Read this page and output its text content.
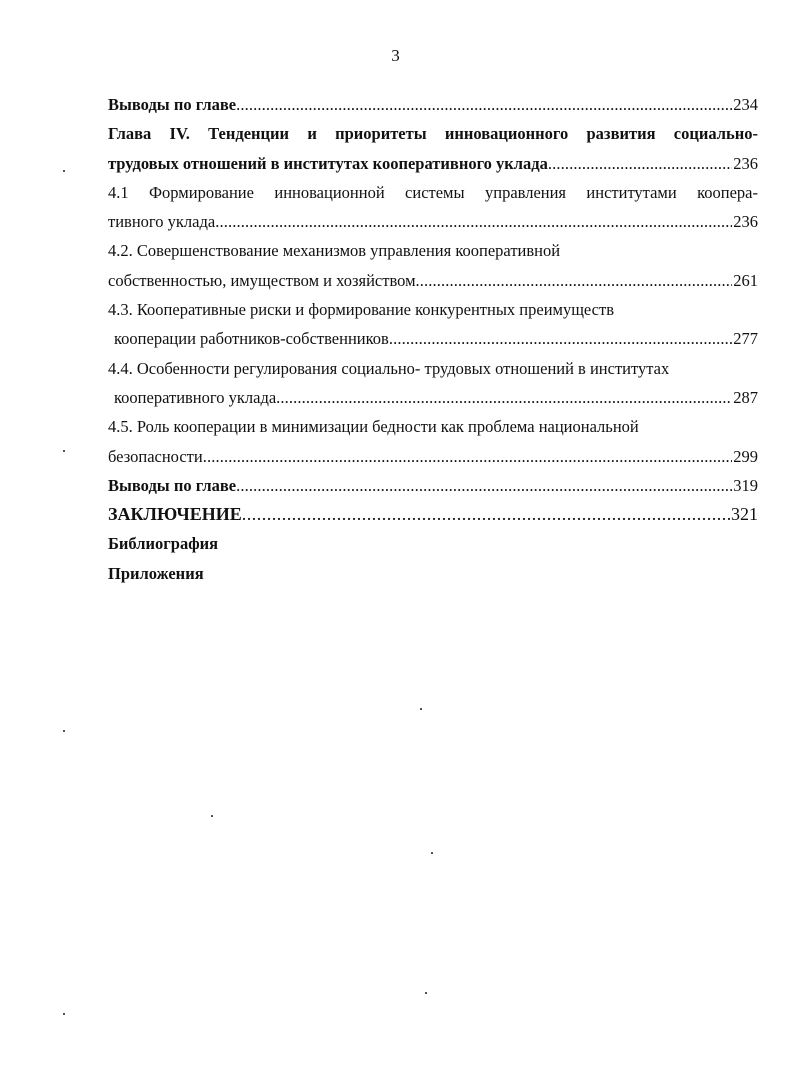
3
Выводы по главе . . .	234
Глава IV. Тенденции и приоритеты инновационного развития социально-
трудовых отношений в институтах кооперативного уклада . . .	236
4.1 Формирование инновационной системы управления институтами коопера-
тивного уклада . . .	236
4.2. Совершенствование механизмов управления кооперативной
собственностью, имуществом и хозяйством . . .	261
4.3. Кооперативные риски и формирование конкурентных преимуществ
кооперации работников-собственников . . .	277
4.4. Особенности регулирования социально- трудовых отношений в институтах
кооперативного уклада . . .	287
4.5. Роль кооперации в минимизации бедности как проблема национальной
безопасности . . .	299
Выводы по главе . . .	319
ЗАКЛЮЧЕНИЕ . . .	321
Библиография
Приложения
